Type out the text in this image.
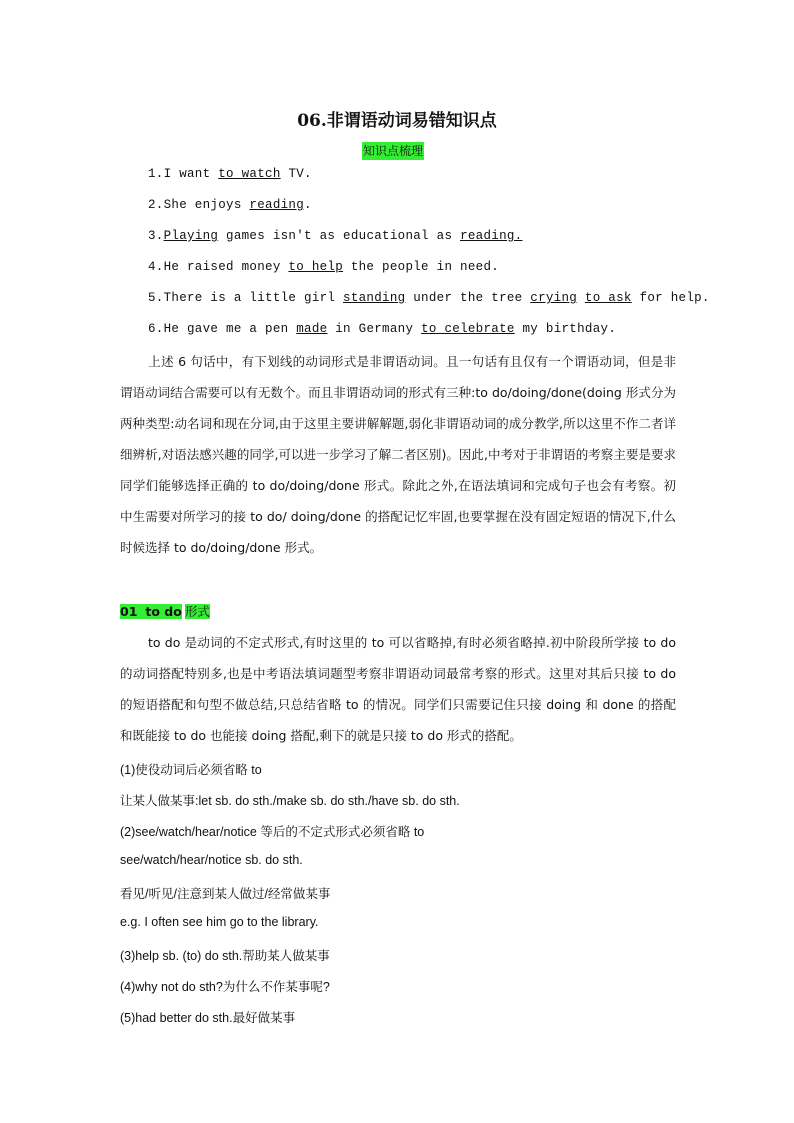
06.非谓语动词易错知识点
知识点梳理
1.I want to watch TV.
2.She enjoys reading.
3.Playing games isn't as educational as reading.
4.He raised money to help the people in need.
5.There is a little girl standing under the tree crying to ask for help.
6.He gave me a pen made in Germany to celebrate my birthday.
上述 6 句话中，有下划线的动词形式是非谓语动词。且一句话有且仅有一个谓语动词，但是非谓语动词结合需要可以有无数个。而且非谓语动词的形式有三种:to do/doing/done(doing 形式分为两种类型:动名词和现在分词,由于这里主要讲解解题,弱化非谓语动词的成分教学,所以这里不作二者详细辨析,对语法感兴趣的同学,可以进一步学习了解二者区别)。因此,中考对于非谓语的考察主要是要求同学们能够选择正确的 to do/doing/done 形式。除此之外,在语法填词和完成句子也会有考察。初中生需要对所学习的接 to do/ doing/done 的搭配记忆牢固,也要掌握在没有固定短语的情况下,什么时候选择 to do/doing/done 形式。
01 to do 形式
to do 是动词的不定式形式,有时这里的 to 可以省略掉,有时必须省略掉.初中阶段所学接 to do 的动词搭配特别多,也是中考语法填词题型考察非谓语动词最常考察的形式。这里对其后只接 to do 的短语搭配和句型不做总结,只总结省略 to 的情况。同学们只需要记住只接 doing 和 done 的搭配和既能接 to do 也能接 doing 搭配,剩下的就是只接 to do 形式的搭配。
(1)使役动词后必须省略 to
让某人做某事:let sb. do sth./make sb. do sth./have sb. do sth.
(2)see/watch/hear/notice 等后的不定式形式必须省略 to
see/watch/hear/notice sb. do sth.
看见/听见/注意到某人做过/经常做某事
e.g. I often see him go to the library.
(3)help sb. (to) do sth.帮助某人做某事
(4)why not do sth?为什么不作某事呢?
(5)had better do sth.最好做某事
